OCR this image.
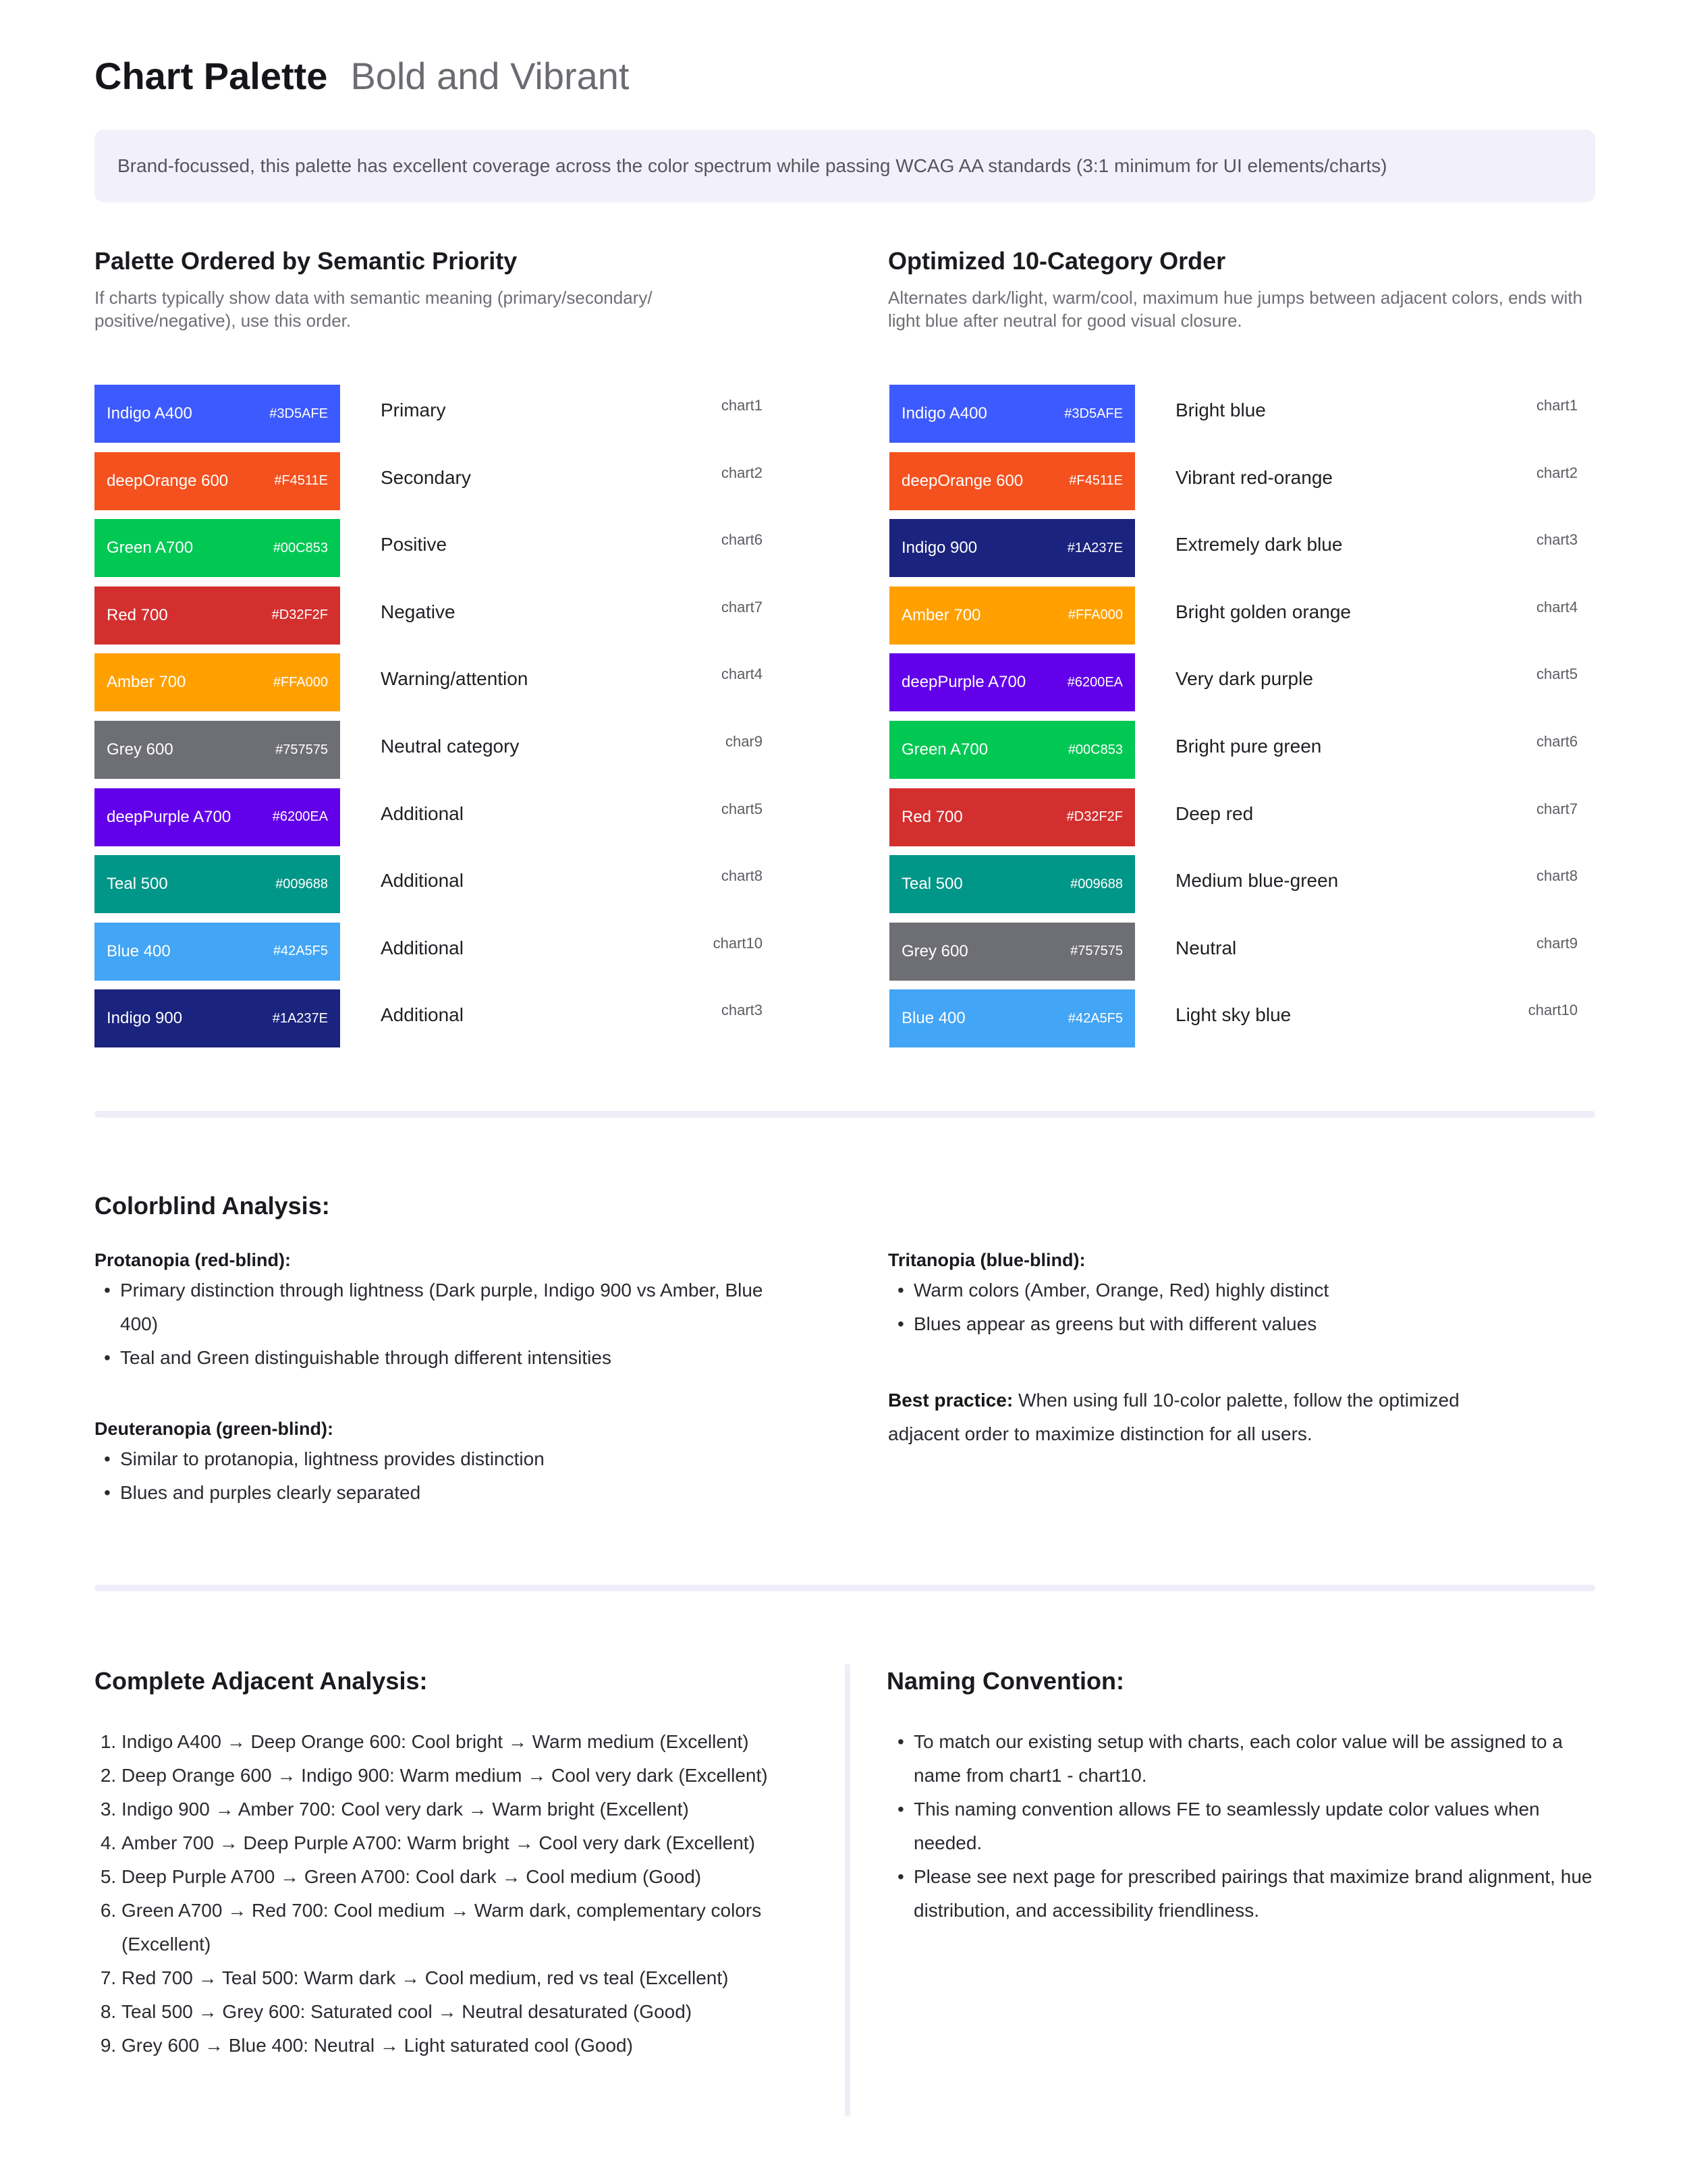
Chart Palette Bold and Vibrant
Brand-focussed, this palette has excellent coverage across the color spectrum while passing WCAG AA standards (3:1 minimum for UI elements/charts)
Palette Ordered by Semantic Priority
If charts typically show data with semantic meaning (primary/secondary/ positive/negative), use this order.
Indigo A400	#3D5AFE	Primary	chart1
deepOrange 600	#F4511E	Secondary	chart2
Green A700	#00C853	Positive	chart6
Red 700	#D32F2F	Negative	chart7
Amber 700	#FFA000	Warning/attention	chart4
Grey 600	#757575	Neutral category	char9
deepPurple A700	#6200EA	Additional	chart5
Teal 500	#009688	Additional	chart8
Blue 400	#42A5F5	Additional	chart10
Indigo 900	#1A237E	Additional	chart3
Optimized 10-Category Order
Alternates dark/light, warm/cool, maximum hue jumps between adjacent colors, ends with light blue after neutral for good visual closure.
Indigo A400	#3D5AFE	Bright blue	chart1
deepOrange 600	#F4511E	Vibrant red-orange	chart2
Indigo 900	#1A237E	Extremely dark blue	chart3
Amber 700	#FFA000	Bright golden orange	chart4
deepPurple A700	#6200EA	Very dark purple	chart5
Green A700	#00C853	Bright pure green	chart6
Red 700	#D32F2F	Deep red	chart7
Teal 500	#009688	Medium blue-green	chart8
Grey 600	#757575	Neutral	chart9
Blue 400	#42A5F5	Light sky blue	chart10
Colorblind Analysis:
Protanopia (red-blind):
• Primary distinction through lightness (Dark purple, Indigo 900 vs Amber, Blue 400)
• Teal and Green distinguishable through different intensities
Deuteranopia (green-blind):
• Similar to protanopia, lightness provides distinction
• Blues and purples clearly separated
Tritanopia (blue-blind):
• Warm colors (Amber, Orange, Red) highly distinct
• Blues appear as greens but with different values
Best practice: When using full 10-color palette, follow the optimized adjacent order to maximize distinction for all users.
Complete Adjacent Analysis:
1. Indigo A400 → Deep Orange 600: Cool bright → Warm medium (Excellent)
2. Deep Orange 600 → Indigo 900: Warm medium → Cool very dark (Excellent)
3. Indigo 900 → Amber 700: Cool very dark → Warm bright (Excellent)
4. Amber 700 → Deep Purple A700: Warm bright → Cool very dark (Excellent)
5. Deep Purple A700 → Green A700: Cool dark → Cool medium (Good)
6. Green A700 → Red 700: Cool medium → Warm dark, complementary colors (Excellent)
7. Red 700 → Teal 500: Warm dark → Cool medium, red vs teal (Excellent)
8. Teal 500 → Grey 600: Saturated cool → Neutral desaturated (Good)
9. Grey 600 → Blue 400: Neutral → Light saturated cool (Good)
Naming Convention:
• To match our existing setup with charts, each color value will be assigned to a name from chart1 - chart10.
• This naming convention allows FE to seamlessly update color values when needed.
• Please see next page for prescribed pairings that maximize brand alignment, hue distribution, and accessibility friendliness.
